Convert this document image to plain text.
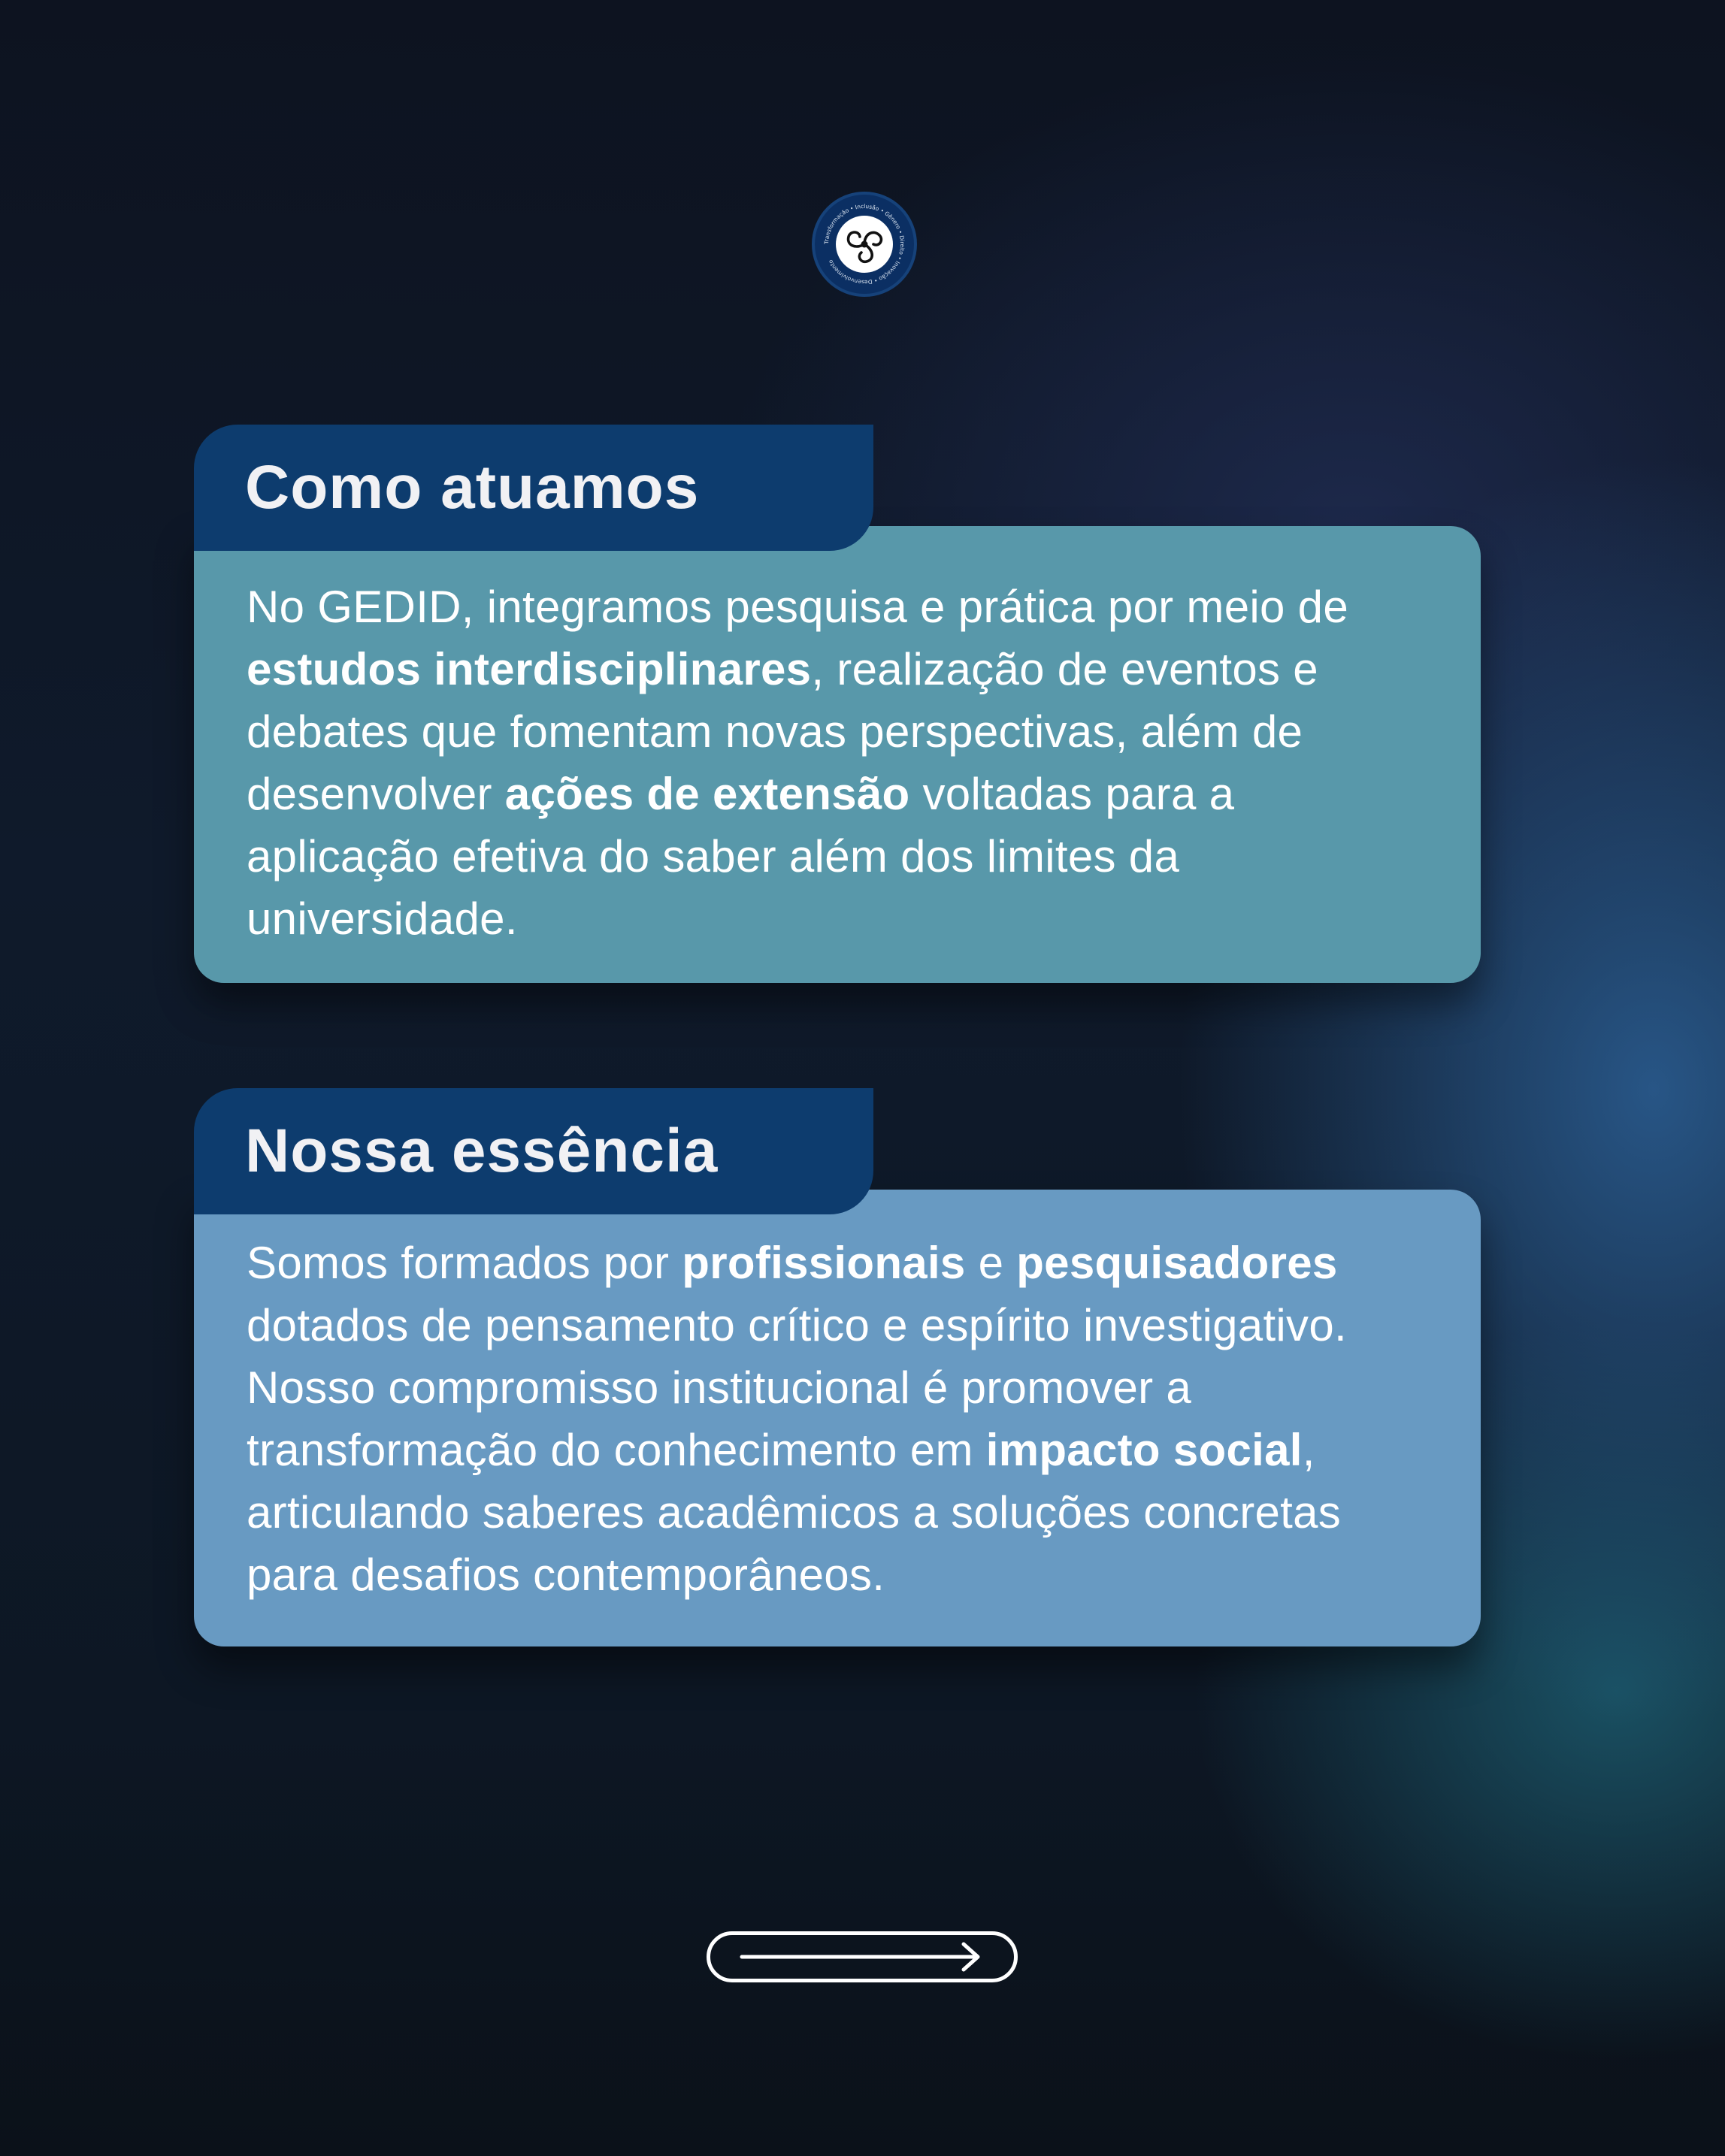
Transformação • Inclusão • Gênero • Direito • Inovação • Desenvolvimento

No GEDID, integramos pesquisa e prática por meio de estudos interdisciplinares, realização de eventos e debates que fomentam novas perspectivas, além de desenvolver ações de extensão voltadas para a aplicação efetiva do saber além dos limites da universidade.

Como atuamos

Somos formados por profissionais e pesquisadores dotados de pensamento crítico e espírito investigativo. Nosso compromisso institucional é promover a transformação do conhecimento em impacto social, articulando saberes acadêmicos a soluções concretas para desafios contemporâneos.

Nossa essência
